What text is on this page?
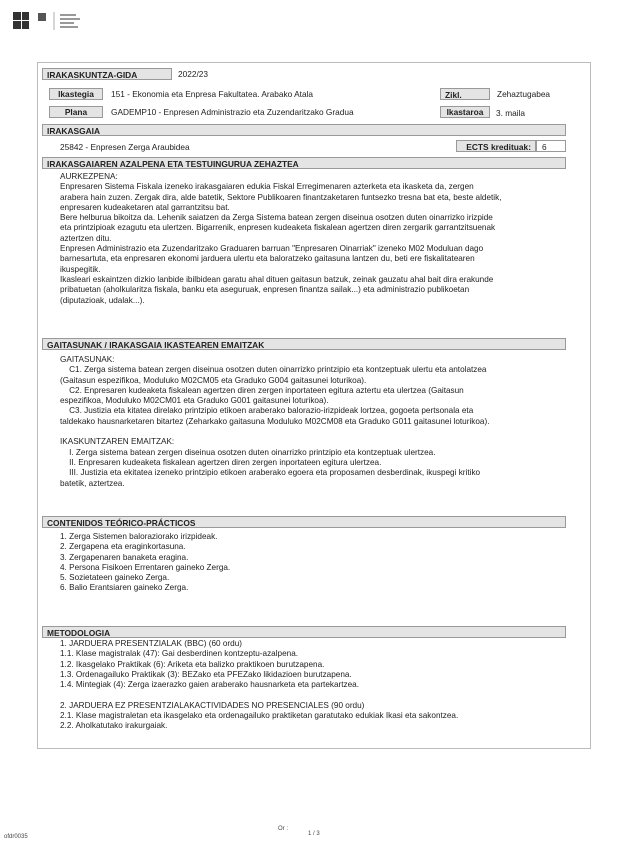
IRAKASKUNTZA-GIDA	2022/23
Ikastegia	151 - Ekonomia eta Enpresa Fakultatea. Arabako Atala	Zikl.	Zehaztugabea
Plana	GADEMP10 - Enpresen Administrazio eta Zuzendaritzako Gradua	Ikastaroa	3. maila
IRAKASGAIA
25842 - Enpresen Zerga Araubidea	ECTS kredituak:	6
IRAKASGAIAREN AZALPENA ETA TESTUINGURUA ZEHAZTEA
AURKEZPENA:
Enpresaren Sistema Fiskala izeneko irakasgaiaren edukia Fiskal Erregimenaren azterketa eta ikasketa da, zergen
arabera hain zuzen. Zergak dira, alde batetik, Sektore Publikoaren finantzaketaren funtsezko tresna bat eta, beste aldetik,
enpresaren kudeaketaren atal garrantzitsu bat.
Bere helburua bikoitza da. Lehenik saiatzen da Zerga Sistema batean zergen diseinua osotzen duten oinarrizko irizpide
eta printzipioak ezagutu eta ulertzen. Bigarrenik, enpresen kudeaketa fiskalean agertzen diren zergarik garrantzitsuenak
aztertzen ditu.
Enpresen Administrazio eta Zuzendaritzako Graduaren barruan "Enpresaren Oinarriak" izeneko M02 Moduluan dago
barnesartuta, eta enpresaren ekonomi jarduera ulertu eta baloratzeko gaitasuna lantzen du, beti ere fiskalitatearen
ikuspegitik.
Ikasleari eskaintzen dizkio lanbide ibilbidean garatu ahal dituen gaitasun batzuk, zeinak gauzatu ahal bait dira erakunde
pribatuetan (aholkularitza fiskala, banku eta aseguruak, enpresen finantza sailak...) eta administrazio publikoetan
(diputazioak, udalak...).
GAITASUNAK / IRAKASGAIA IKASTEAREN EMAITZAK
GAITASUNAK:
C1. Zerga sistema batean zergen diseinua osotzen duten oinarrizko printzipio eta kontzeptuak ulertu eta antolatzea
(Gaitasun espezifikoa, Moduluko M02CM05 eta Graduko G004 gaitasunei loturikoa).
C2. Enpresaren kudeaketa fiskalean agertzen diren zergen inportateen egitura aztertu eta ulertzea (Gaitasun
espezifikoa, Moduluko M02CM01 eta Graduko G001 gaitasunei loturikoa).
C3. Justizia eta kitatea direlako printzipio etikoen araberako balorazio-irizpideak lortzea, gogoeta pertsonala eta
taldekako hausnarketaren bitartez (Zeharkako gaitasuna Moduluko M02CM08 eta Graduko G011 gaitasunei loturikoa).

IKASKUNTZAREN EMAITZAK:
I. Zerga sistema batean zergen diseinua osotzen duten oinarrizko printzipio eta kontzeptuak ulertzea.
II. Enpresaren kudeaketa fiskalean agertzen diren zergen inportateen egitura ulertzea.
III. Justizia eta ekitatea izeneko printzipio etikoen araberako egoera eta proposamen desberdinak, ikuspegi kritiko
batetik, aztertzea.
CONTENIDOS TEÓRICO-PRÁCTICOS
1. Zerga Sistemen baloraziorako irizpideak.
2. Zergapena eta eraginkortasuna.
3. Zergapenaren banaketa eragina.
4. Persona Fisikoen Errentaren gaineko Zerga.
5. Sozietateen gaineko Zerga.
6. Balio Erantsiaren gaineko Zerga.
METODOLOGIA
1. JARDUERA PRESENTZIALAK (BBC) (60 ordu)
1.1. Klase magistralak (47): Gai desberdinen kontzeptu-azalpena.
1.2. Ikasgelako Praktikak (6): Ariketa eta balizko praktikoen burutzapena.
1.3. Ordenagailuko Praktikak (3): BEZako eta PFEZako likidazioen burutzapena.
1.4. Mintegiak (4): Zerga izaerazko gaien araberako hausnarketa eta partekartzea.

2. JARDUERA EZ PRESENTZIALAKACTIVIDADES NO PRESENCIALES (90 ordu)
2.1. Klase magistraletan eta ikasgelako eta ordenagailuko praktiketan garatutako edukiak Ikasi eta sakontzea.
2.2. Aholkatutako irakurgaiak.
ofdr0035
Or :
1 / 3
